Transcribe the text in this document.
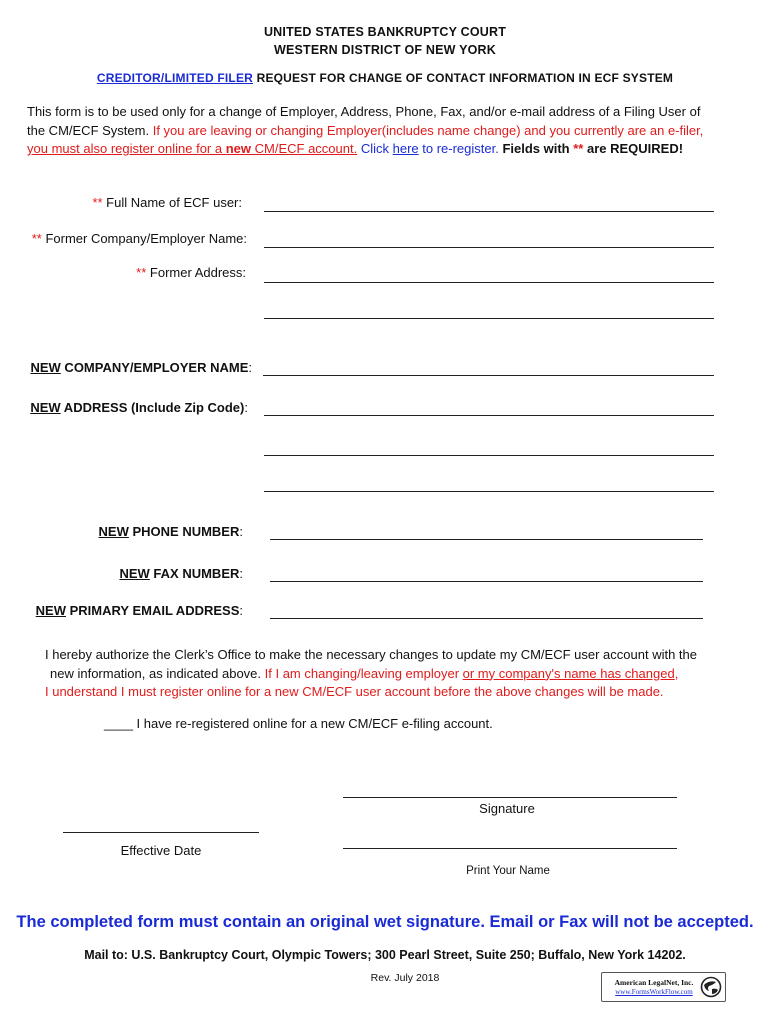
UNITED STATES BANKRUPTCY COURT
WESTERN DISTRICT OF NEW YORK
CREDITOR/LIMITED FILER REQUEST FOR CHANGE OF CONTACT INFORMATION IN ECF SYSTEM
This form is to be used only for a change of Employer, Address, Phone, Fax, and/or e-mail address of a Filing User of
the CM/ECF System. If you are leaving or changing Employer(includes name change) and you currently are an e-filer,
you must also register online for a new CM/ECF account. Click here to re-register. Fields with ** are REQUIRED!
** Full Name of ECF user:
** Former Company/Employer Name:
** Former Address:
NEW COMPANY/EMPLOYER NAME:
NEW ADDRESS (Include Zip Code):
NEW PHONE NUMBER:
NEW FAX NUMBER:
NEW PRIMARY EMAIL ADDRESS:
I hereby authorize the Clerk’s Office to make the necessary changes to update my CM/ECF user account with the
new information, as indicated above. If I am changing/leaving employer or my company's name has changed,
I understand I must register online for a new CM/ECF user account before the above changes will be made.
____ I have re-registered online for a new CM/ECF e-filing account.
Signature
Effective Date
Print Your Name
The completed form must contain an original wet signature. Email or Fax will not be accepted.
Mail to: U.S. Bankruptcy Court, Olympic Towers; 300 Pearl Street, Suite 250; Buffalo, New York 14202.
Rev. July 2018	American LegalNet, Inc.
www.FormsWorkFlow.com
